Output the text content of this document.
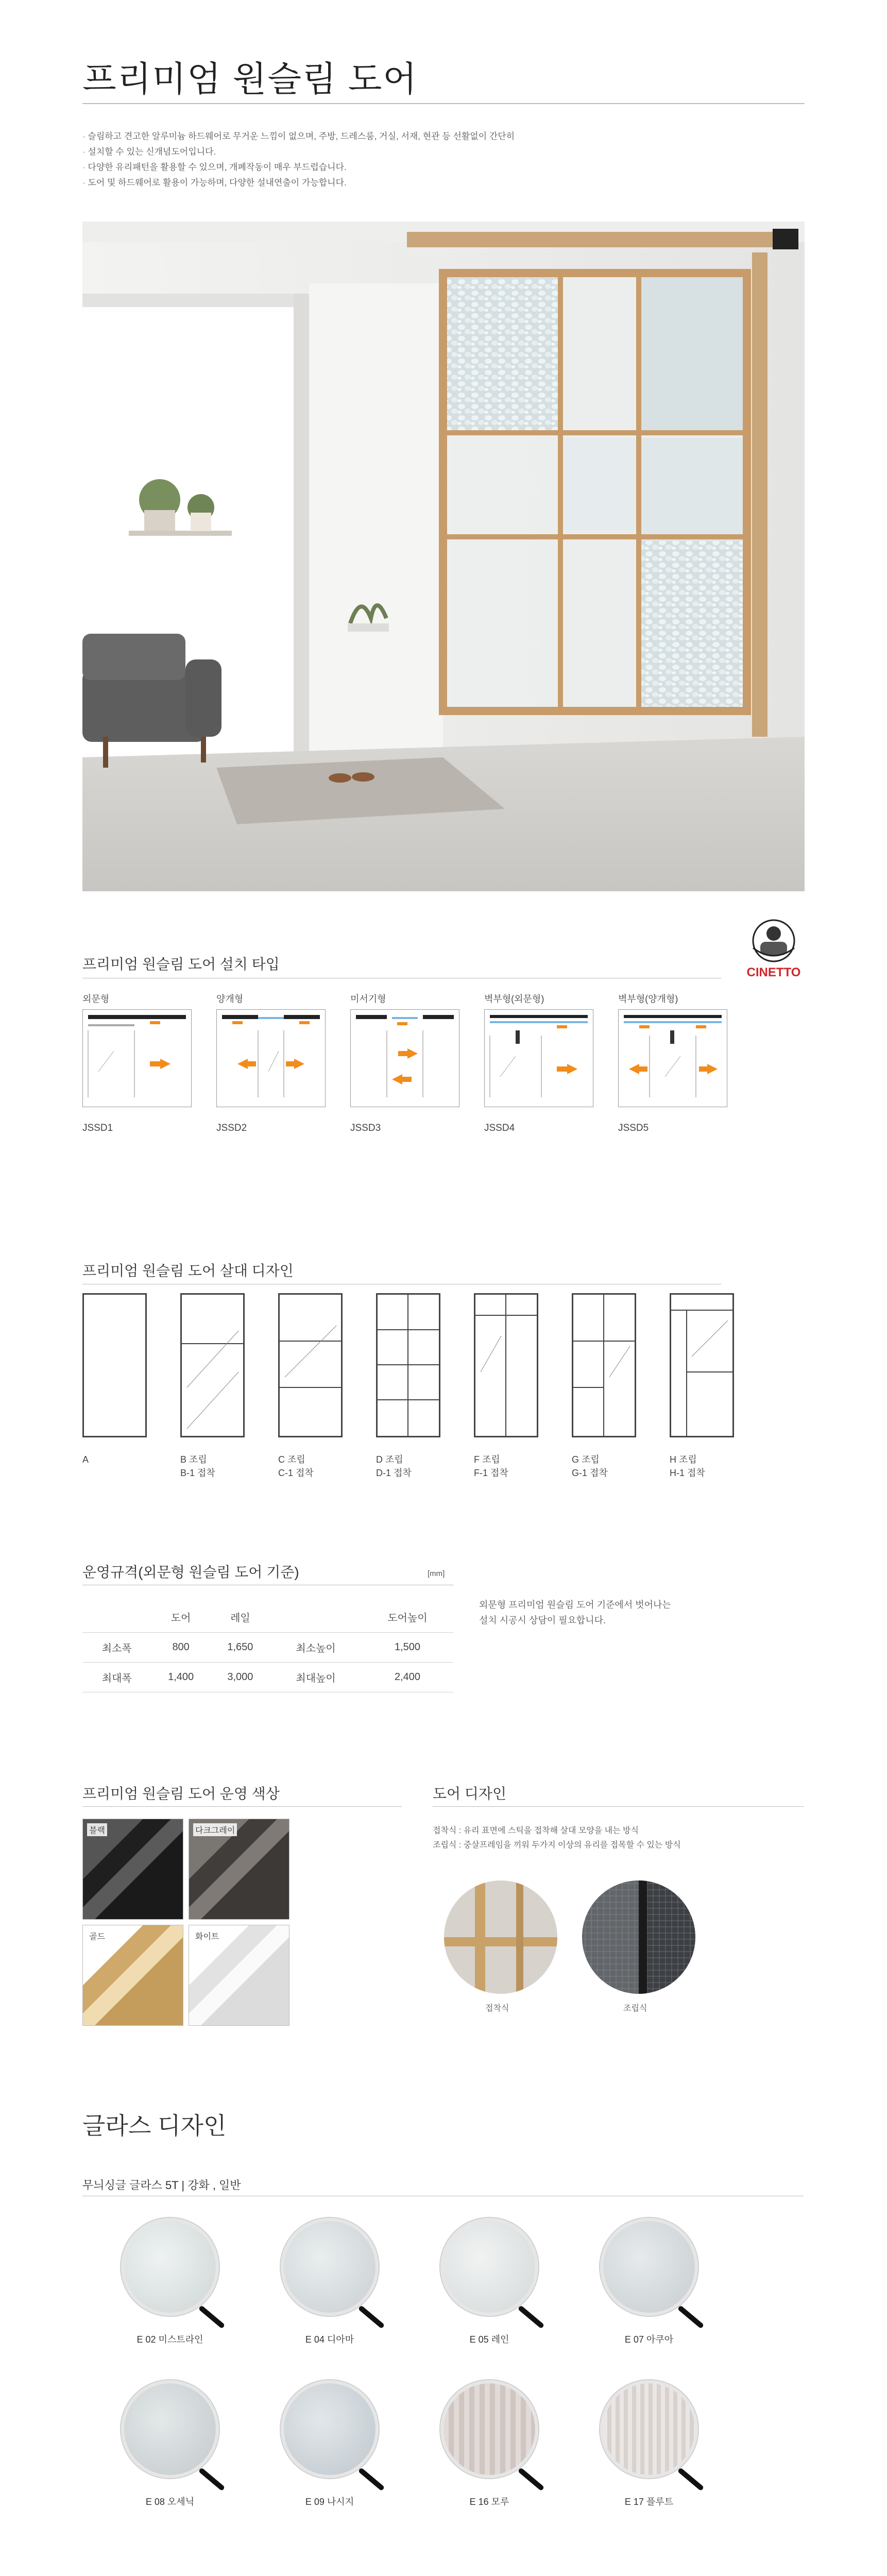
프리미엄 원슬림 도어
· 슬림하고 견고한 알루미늄 하드웨어로 무거운 느낌이 없으며, 주방, 드레스룸, 거실, 서재, 현관 등 선활없이 간단히
· 설치할 수 있는 신개념도어입니다.
· 다양한 유리패턴을 활용할 수 있으며, 개폐작동이 매우 부드럽습니다.
· 도어 및 하드웨어로 활용이 가능하며, 다양한 설내연출이 가능합니다.
프리미엄 원슬림 도어 설치 타입
CINETTO
외문형
JSSD1
양개형
JSSD2
미서기형
JSSD3
벽부형(외문형)
JSSD4
벽부형(양개형)
JSSD5
프리미엄 원슬림 도어 살대 디자인
A	B 조립
B-1 접착
C 조립
C-1 접착
D 조립
D-1 접착
F 조립
F-1 접착
G 조립
G-1 접착
H 조립
H-1 접착
운영규격(외문형 원슬림 도어 기준)	[mm]
	도어	레일		도어높이
최소폭	800	1,650	최소높이	1,500
최대폭	1,400	3,000	최대높이	2,400
외문형 프리미엄 원슬림 도어 기준에서 벗어나는
설치 시공시 상담이 필요합니다.
프리미엄 원슬림 도어 운영 색상
블랙	다크그레이
골드	화이트
도어 디자인
접착식 : 유리 표면에 스틱을 접착해 살대 모양을 내는 방식
조립식 : 중살프레임을 끼워 두가지 이상의 유리를 접목할 수 있는 방식
접착식	조립식
글라스 디자인
무늬싱글 글라스 5T | 강화 , 일반
E 02 미스트라인	E 04 디아마	E 05 레인	E 07 아쿠아
E 08 오세닉	E 09 나시지	E 16 모루	E 17 플루트
